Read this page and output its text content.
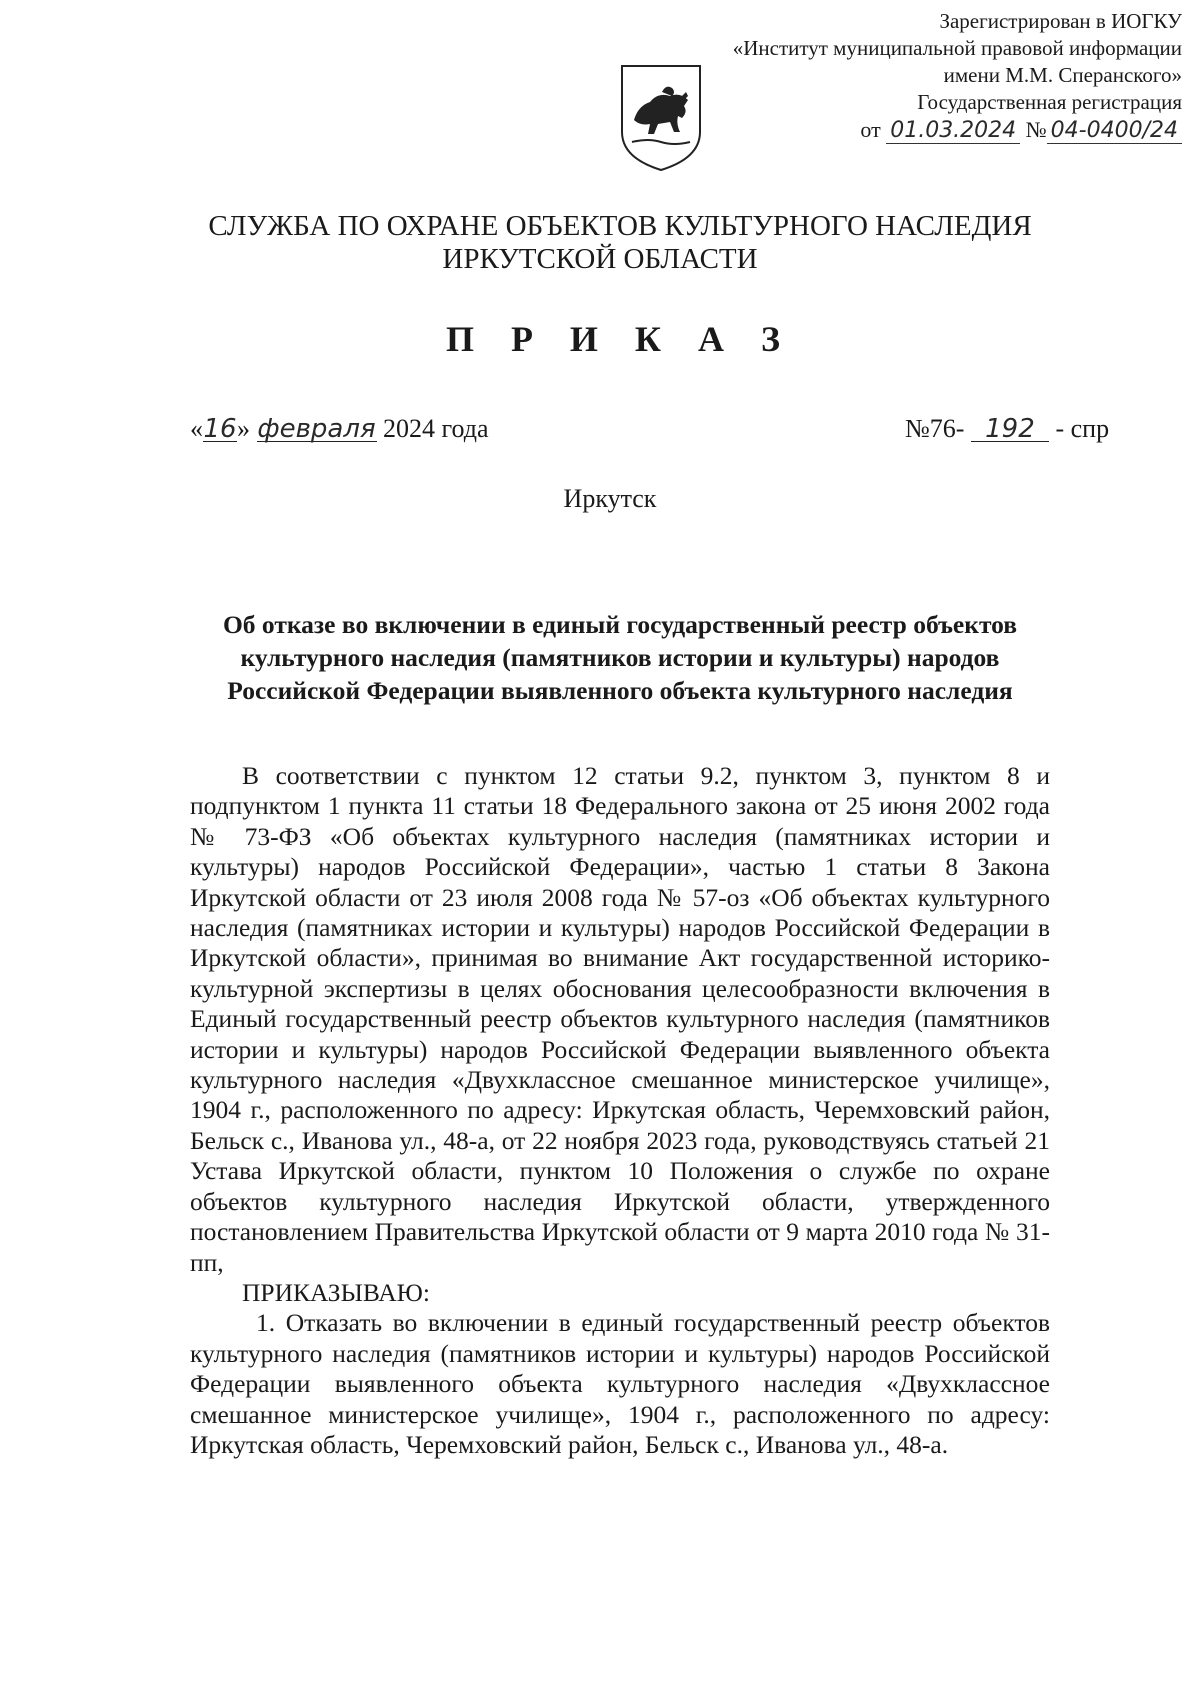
Зарегистрирован в ИОГКУ
«Институт муниципальной правовой информации
имени М.М. Сперанского»
Государственная регистрация
от 01.03.2024 № 04-0400/24
СЛУЖБА ПО ОХРАНЕ ОБЪЕКТОВ КУЛЬТУРНОГО НАСЛЕДИЯ
ИРКУТСКОЙ ОБЛАСТИ
П Р И К А З
«16» февраля 2024 года	№76- 192 - спр
Иркутск
Об отказе во включении в единый государственный реестр объектов
культурного наследия (памятников истории и культуры) народов
Российской Федерации выявленного объекта культурного наследия

В соответствии с пунктом 12 статьи 9.2, пунктом 3, пунктом 8 и подпунктом 1 пункта 11 статьи 18 Федерального закона от 25 июня 2002 года № 73-ФЗ «Об объектах культурного наследия (памятниках истории и культуры) народов Российской Федерации», частью 1 статьи 8 Закона Иркутской области от 23 июля 2008 года № 57-оз «Об объектах культурного наследия (памятниках истории и культуры) народов Российской Федерации в Иркутской области», принимая во внимание Акт государственной историко-культурной экспертизы в целях обоснования целесообразности включения в Единый государственный реестр объектов культурного наследия (памятников истории и культуры) народов Российской Федерации выявленного объекта культурного наследия «Двухклассное смешанное министерское училище», 1904 г., расположенного по адресу: Иркутская область, Черемховский район, Бельск с., Иванова ул., 48-а, от 22 ноября 2023 года, руководствуясь статьей 21 Устава Иркутской области, пунктом 10 Положения о службе по охране объектов культурного наследия Иркутской области, утвержденного постановлением Правительства Иркутской области от 9 марта 2010 года № 31-пп,

ПРИКАЗЫВАЮ:

1. Отказать во включении в единый государственный реестр объектов культурного наследия (памятников истории и культуры) народов Российской Федерации выявленного объекта культурного наследия «Двухклассное смешанное министерское училище», 1904 г., расположенного по адресу: Иркутская область, Черемховский район, Бельск с., Иванова ул., 48-а.
